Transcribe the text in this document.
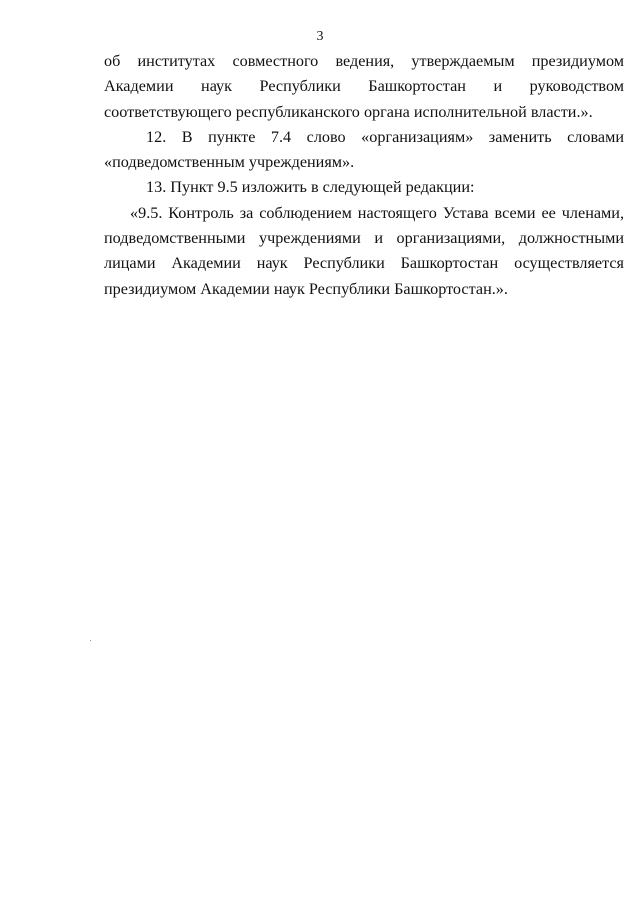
3

об институтах совместного ведения, утверждаемым президиумом Академии наук Республики Башкортостан и руководством соответствующего республиканского органа исполнительной власти.».

12. В пункте 7.4 слово «организациям» заменить словами «подведомственным учреждениям».

13. Пункт 9.5 изложить в следующей редакции:

«9.5. Контроль за соблюдением настоящего Устава всеми ее членами, подведомственными учреждениями и организациями, должностными лицами Академии наук Республики Башкортостан осуществляется президиумом Академии наук Республики Башкортостан.».
